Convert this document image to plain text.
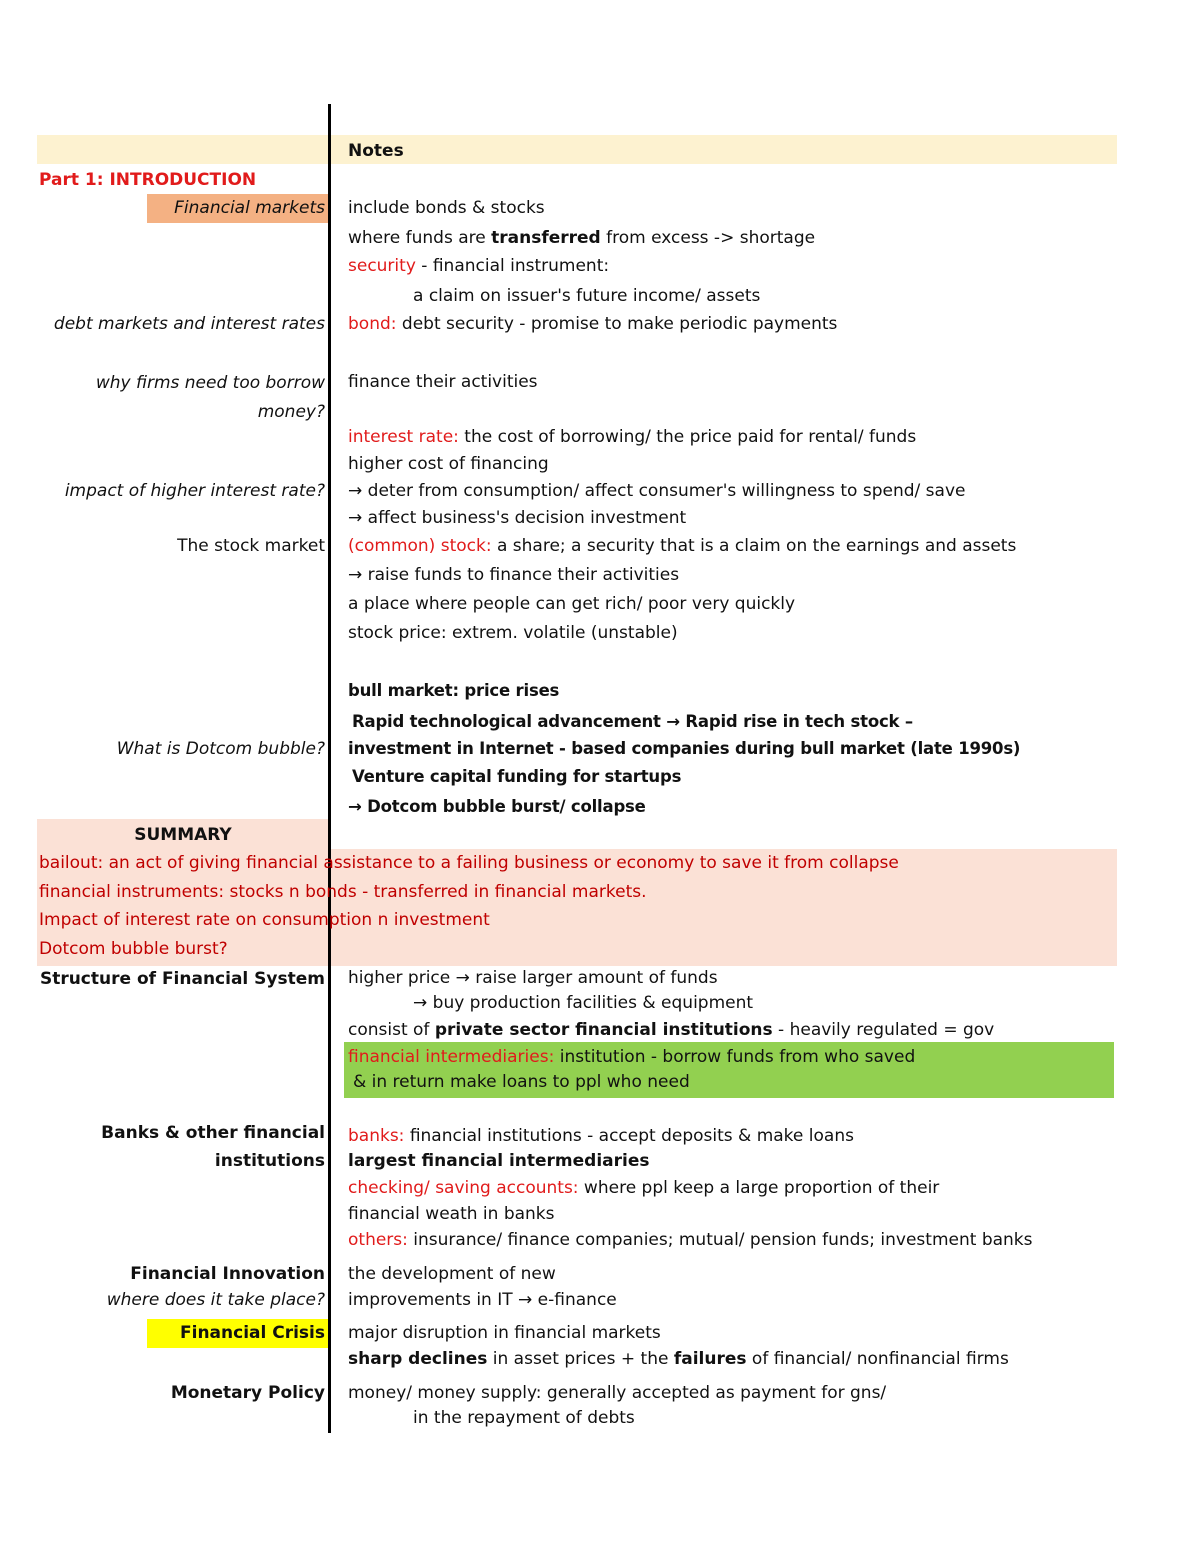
Notes
Part 1: INTRODUCTION
Financial markets include bonds & stocks
where funds are transferred from excess -> shortage
security - financial instrument:
a claim on issuer's future income/ assets
debt markets and interest rates bond: debt security - promise to make periodic payments
why firms need too borrow finance their activities
money?
interest rate: the cost of borrowing/ the price paid for rental/ funds
higher cost of financing
impact of higher interest rate? → deter from consumption/ affect consumer's willingness to spend/ save
→ affect business's decision investment
The stock market (common) stock: a share; a security that is a claim on the earnings and assets
→ raise funds to finance their activities
a place where people can get rich/ poor very quickly
stock price: extrem. volatile (unstable)
bull market: price rises
Rapid technological advancement → Rapid rise in tech stock –
What is Dotcom bubble? investment in Internet - based companies during bull market (late 1990s)
Venture capital funding for startups
→ Dotcom bubble burst/ collapse
SUMMARY
bailout: an act of giving financial assistance to a failing business or economy to save it from collapse
financial instruments: stocks n bonds - transferred in financial markets.
Impact of interest rate on consumption n investment
Dotcom bubble burst?
Structure of Financial System higher price → raise larger amount of funds
→ buy production facilities & equipment
consist of private sector financial institutions - heavily regulated = gov
financial intermediaries: institution - borrow funds from who saved
& in return make loans to ppl who need
Banks & other financial banks: financial institutions - accept deposits & make loans
institutions largest financial intermediaries
checking/ saving accounts: where ppl keep a large proportion of their
financial weath in banks
others: insurance/ finance companies; mutual/ pension funds; investment banks
Financial Innovation the development of new
where does it take place? improvements in IT → e-finance
Financial Crisis major disruption in financial markets
sharp declines in asset prices + the failures of financial/ nonfinancial firms
Monetary Policy money/ money supply: generally accepted as payment for gns/
in the repayment of debts
